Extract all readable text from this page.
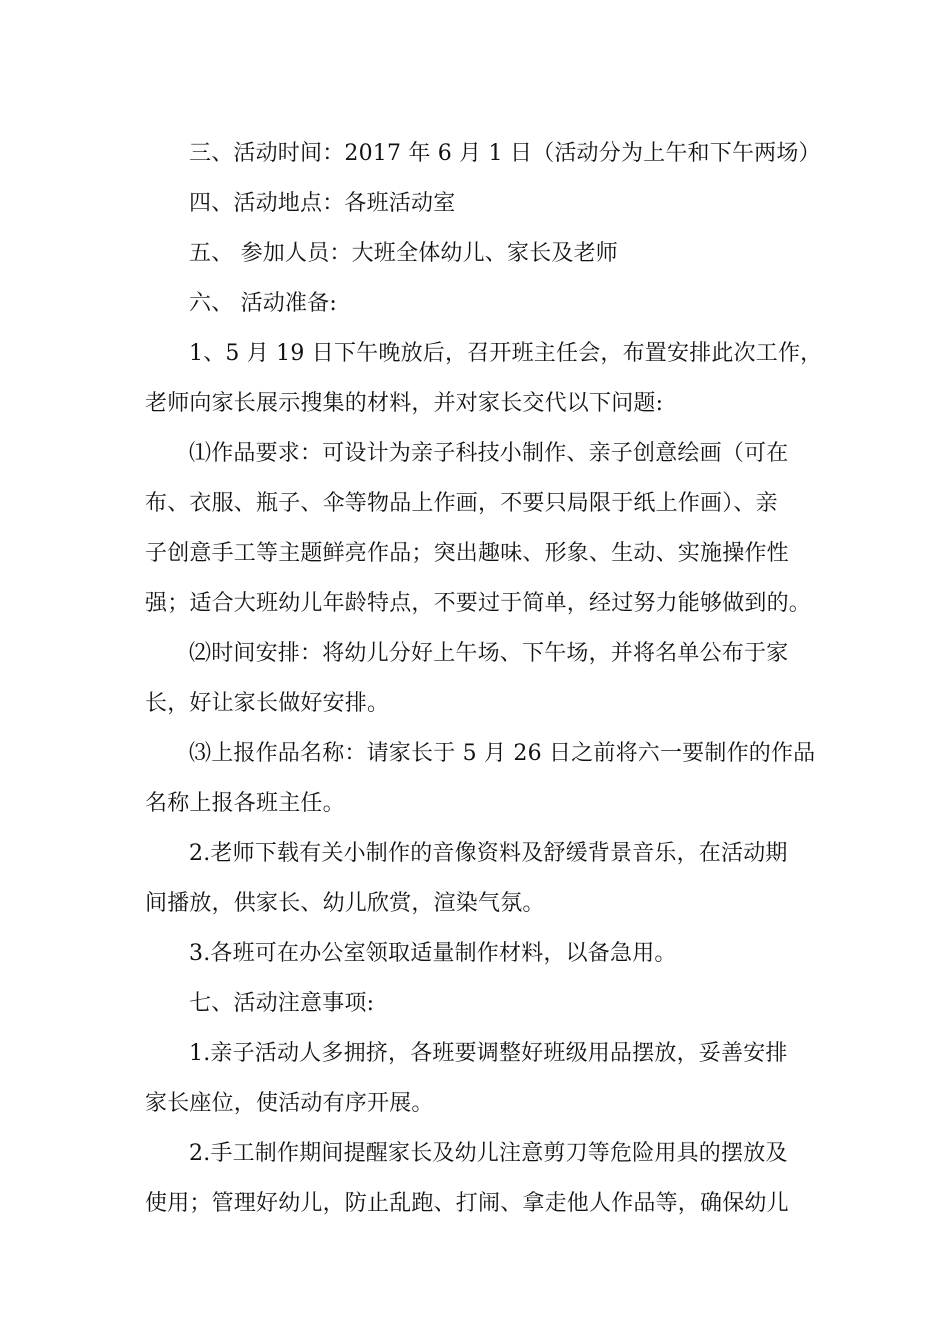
三、活动时间：2017 年 6 月 1 日（活动分为上午和下午两场）
四、活动地点：各班活动室
五、 参加人员：大班全体幼儿、家长及老师
六、 活动准备:
1、5 月 19 日下午晚放后，召开班主任会，布置安排此次工作，
老师向家长展示搜集的材料，并对家长交代以下问题:
⑴作品要求：可设计为亲子科技小制作、亲子创意绘画（可在
布、衣服、瓶子、伞等物品上作画，不要只局限于纸上作画）、亲
子创意手工等主题鲜亮作品；突出趣味、形象、生动、实施操作性
强；适合大班幼儿年龄特点，不要过于简单，经过努力能够做到的。
⑵时间安排：将幼儿分好上午场、下午场，并将名单公布于家
长，好让家长做好安排。
⑶上报作品名称：请家长于 5 月 26 日之前将六一要制作的作品
名称上报各班主任。
2.老师下载有关小制作的音像资料及舒缓背景音乐，在活动期
间播放，供家长、幼儿欣赏，渲染气氛。
3.各班可在办公室领取适量制作材料，以备急用。
七、活动注意事项:
1.亲子活动人多拥挤，各班要调整好班级用品摆放，妥善安排
家长座位，使活动有序开展。
2.手工制作期间提醒家长及幼儿注意剪刀等危险用具的摆放及
使用；管理好幼儿，防止乱跑、打闹、拿走他人作品等，确保幼儿
